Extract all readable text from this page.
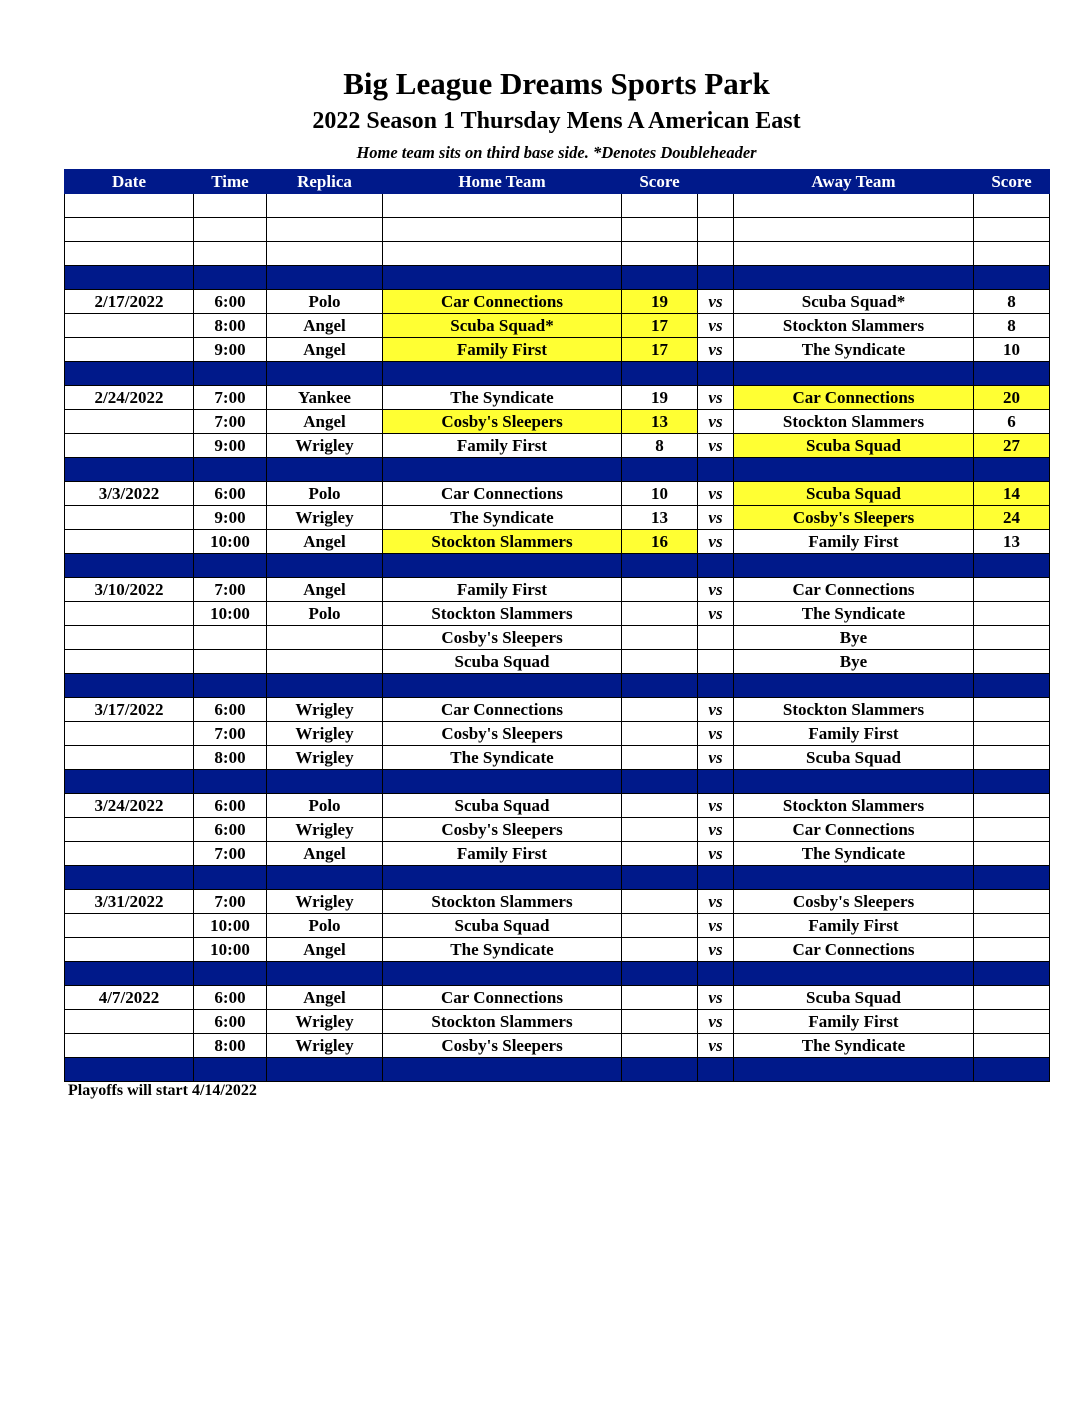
Big League Dreams Sports Park
2022 Season 1 Thursday Mens A American East
Home team sits on third base side. *Denotes Doubleheader
Date	Time	Replica	Home Team	Score		Away Team	Score

2/17/2022	6:00	Polo	Car Connections	19	vs	Scuba Squad*	8
	8:00	Angel	Scuba Squad*	17	vs	Stockton Slammers	8
	9:00	Angel	Family First	17	vs	The Syndicate	10

2/24/2022	7:00	Yankee	The Syndicate	19	vs	Car Connections	20
	7:00	Angel	Cosby's Sleepers	13	vs	Stockton Slammers	6
	9:00	Wrigley	Family First	8	vs	Scuba Squad	27

3/3/2022	6:00	Polo	Car Connections	10	vs	Scuba Squad	14
	9:00	Wrigley	The Syndicate	13	vs	Cosby's Sleepers	24
	10:00	Angel	Stockton Slammers	16	vs	Family First	13

3/10/2022	7:00	Angel	Family First		vs	Car Connections	
	10:00	Polo	Stockton Slammers		vs	The Syndicate	
			Cosby's Sleepers			Bye	
			Scuba Squad			Bye	

3/17/2022	6:00	Wrigley	Car Connections		vs	Stockton Slammers	
	7:00	Wrigley	Cosby's Sleepers		vs	Family First	
	8:00	Wrigley	The Syndicate		vs	Scuba Squad	

3/24/2022	6:00	Polo	Scuba Squad		vs	Stockton Slammers	
	6:00	Wrigley	Cosby's Sleepers		vs	Car Connections	
	7:00	Angel	Family First		vs	The Syndicate	

3/31/2022	7:00	Wrigley	Stockton Slammers		vs	Cosby's Sleepers	
	10:00	Polo	Scuba Squad		vs	Family First	
	10:00	Angel	The Syndicate		vs	Car Connections	

4/7/2022	6:00	Angel	Car Connections		vs	Scuba Squad	
	6:00	Wrigley	Stockton Slammers		vs	Family First	
	8:00	Wrigley	Cosby's Sleepers		vs	The Syndicate	

Playoffs will start 4/14/2022
